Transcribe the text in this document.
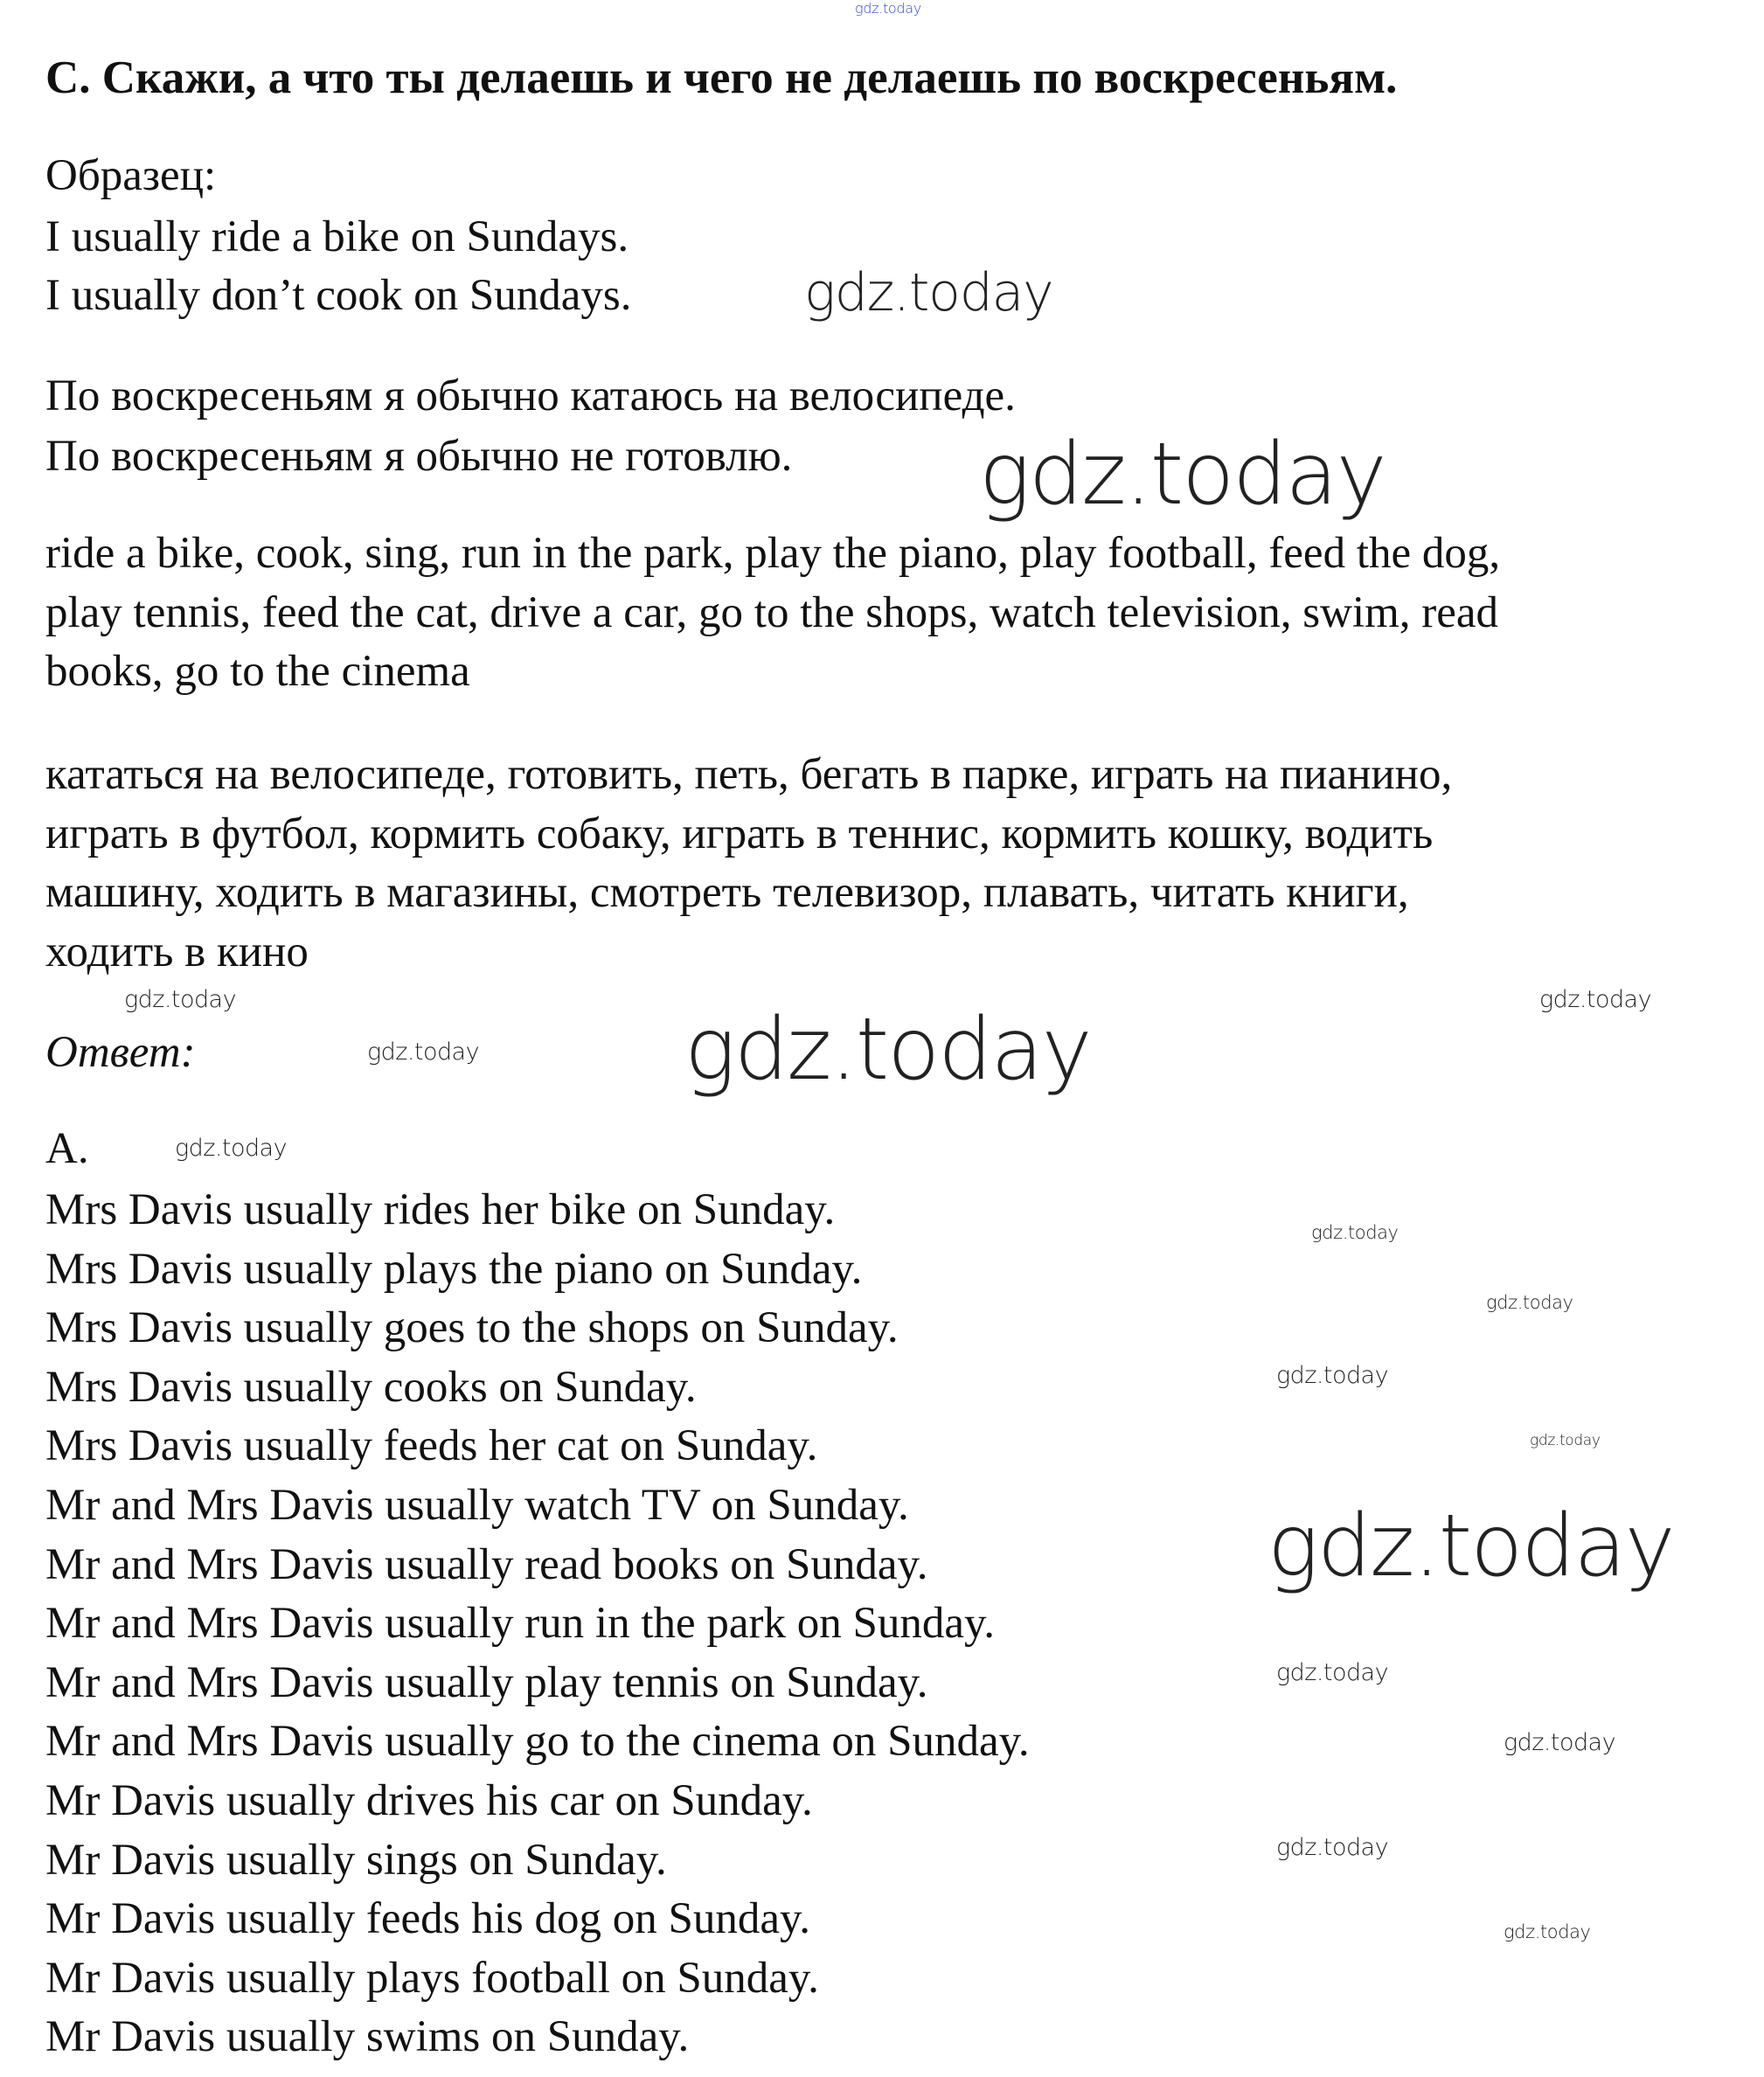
C. Скажи, а что ты делаешь и чего не делаешь по воскресеньям.
Образец:
I usually ride a bike on Sundays.
I usually don’t cook on Sundays.
По воскресеньям я обычно катаюсь на велосипеде.
По воскресеньям я обычно не готовлю.
ride a bike, cook, sing, run in the park, play the piano, play football, feed the dog,
play tennis, feed the cat, drive a car, go to the shops, watch television, swim, read
books, go to the cinema
кататься на велосипеде, готовить, петь, бегать в парке, играть на пианино,
играть в футбол, кормить собаку, играть в теннис, кормить кошку, водить
машину, ходить в магазины, смотреть телевизор, плавать, читать книги,
ходить в кино
Ответ:
A.
Mrs Davis usually rides her bike on Sunday.
Mrs Davis usually plays the piano on Sunday.
Mrs Davis usually goes to the shops on Sunday.
Mrs Davis usually cooks on Sunday.
Mrs Davis usually feeds her cat on Sunday.
Mr and Mrs Davis usually watch TV on Sunday.
Mr and Mrs Davis usually read books on Sunday.
Mr and Mrs Davis usually run in the park on Sunday.
Mr and Mrs Davis usually play tennis on Sunday.
Mr and Mrs Davis usually go to the cinema on Sunday.
Mr Davis usually drives his car on Sunday.
Mr Davis usually sings on Sunday.
Mr Davis usually feeds his dog on Sunday.
Mr Davis usually plays football on Sunday.
Mr Davis usually swims on Sunday.
gdz.today
gdz.today
gdz.today
gdz.today	gdz.today
gdz.today gdz.today
gdz.today
gdz.today
gdz.today
gdz.today
gdz.today
gdz.today
gdz.today
gdz.today
gdz.today
gdz.today
